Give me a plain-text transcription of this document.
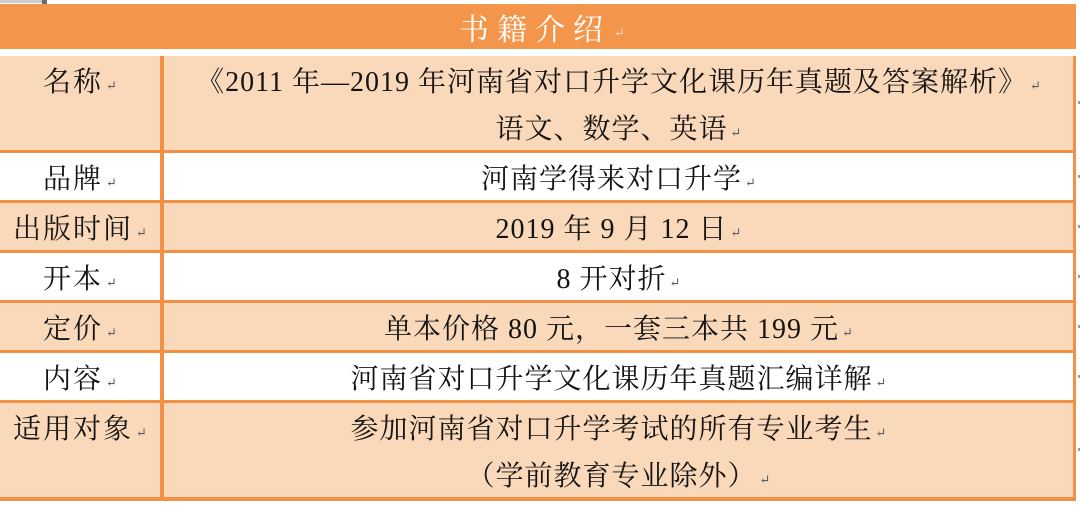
书籍介绍 ↵
名称 ↵	《2011 年—2019 年河南省对口升学文化课历年真题及答案解析》 ↵
语文、数学、英语 ↵
品牌 ↵	河南学得来对口升学 ↵
出版时间 ↵	2019 年 9 月 12 日 ↵
开本 ↵	8 开对折 ↵
定价 ↵	单本价格 80 元，一套三本共 199 元 ↵
内容 ↵	河南省对口升学文化课历年真题汇编详解 ↵
适用对象 ↵	参加河南省对口升学考试的所有专业考生 ↵
（学前教育专业除外） ↵
